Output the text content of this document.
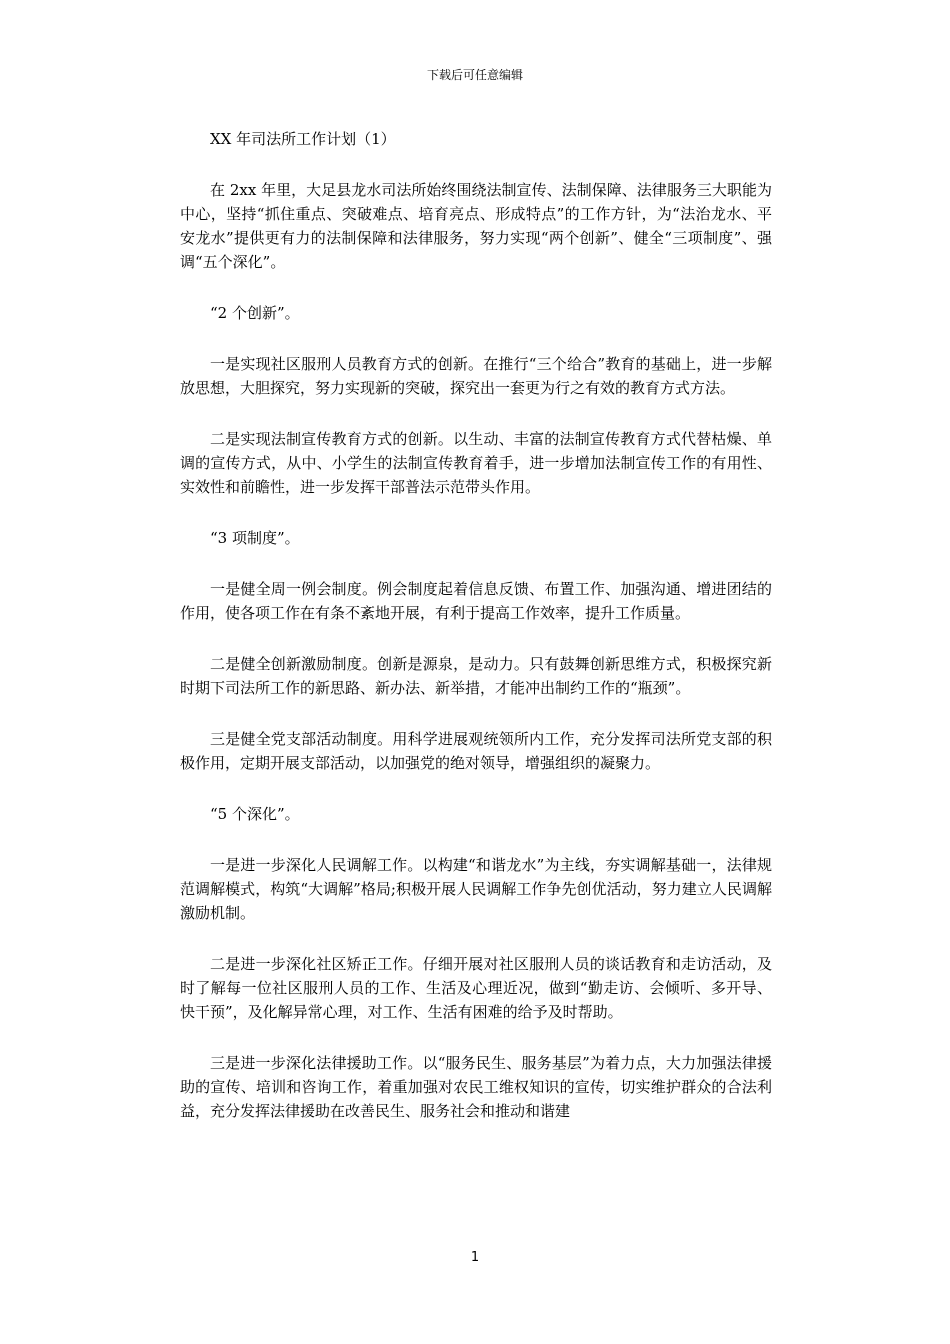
下载后可任意编辑

XX 年司法所工作计划（1）

在 2xx 年里，大足县龙水司法所始终围绕法制宣传、法制保障、法律服务三大职能为中心，坚持“抓住重点、突破难点、培育亮点、形成特点”的工作方针，为“法治龙水、平安龙水”提供更有力的法制保障和法律服务，努力实现“两个创新”、健全“三项制度”、强调“五个深化”。

“2 个创新”。

一是实现社区服刑人员教育方式的创新。在推行“三个给合”教育的基础上，进一步解放思想，大胆探究，努力实现新的突破，探究出一套更为行之有效的教育方式方法。

二是实现法制宣传教育方式的创新。以生动、丰富的法制宣传教育方式代替枯燥、单调的宣传方式，从中、小学生的法制宣传教育着手，进一步增加法制宣传工作的有用性、实效性和前瞻性，进一步发挥干部普法示范带头作用。

“3 项制度”。

一是健全周一例会制度。例会制度起着信息反馈、布置工作、加强沟通、增进团结的作用，使各项工作在有条不紊地开展，有利于提高工作效率，提升工作质量。

二是健全创新激励制度。创新是源泉，是动力。只有鼓舞创新思维方式，积极探究新时期下司法所工作的新思路、新办法、新举措，才能冲出制约工作的“瓶颈”。

三是健全党支部活动制度。用科学进展观统领所内工作，充分发挥司法所党支部的积极作用，定期开展支部活动，以加强党的绝对领导，增强组织的凝聚力。

“5 个深化”。

一是进一步深化人民调解工作。以构建“和谐龙水”为主线，夯实调解基础一，法律规范调解模式，构筑“大调解”格局;积极开展人民调解工作争先创优活动，努力建立人民调解激励机制。

二是进一步深化社区矫正工作。仔细开展对社区服刑人员的谈话教育和走访活动，及时了解每一位社区服刑人员的工作、生活及心理近况，做到“勤走访、会倾听、多开导、快干预”，及化解异常心理，对工作、生活有困难的给予及时帮助。

三是进一步深化法律援助工作。以“服务民生、服务基层”为着力点，大力加强法律援助的宣传、培训和咨询工作，着重加强对农民工维权知识的宣传，切实维护群众的合法利益，充分发挥法律援助在改善民生、服务社会和推动和谐建

1
